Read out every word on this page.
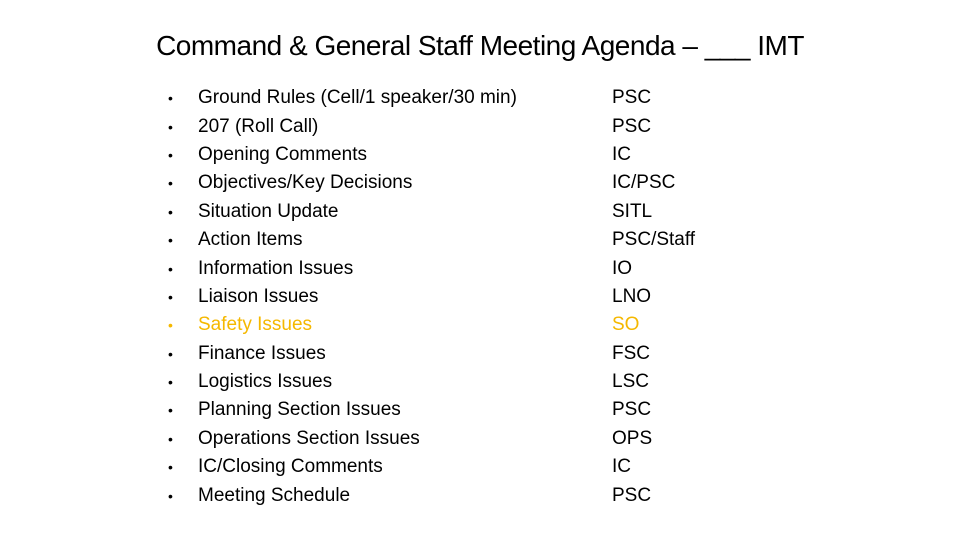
Command & General Staff Meeting Agenda – ___ IMT
•	Ground Rules (Cell/1 speaker/30 min)	PSC
•	207 (Roll Call)	PSC
•	Opening Comments	IC
•	Objectives/Key Decisions	IC/PSC
•	Situation Update	SITL
•	Action Items	PSC/Staff
•	Information Issues	IO
•	Liaison Issues	LNO
•	Safety Issues	SO
•	Finance Issues	FSC
•	Logistics Issues	LSC
•	Planning Section Issues	PSC
•	Operations Section Issues	OPS
•	IC/Closing Comments	IC
•	Meeting Schedule	PSC
